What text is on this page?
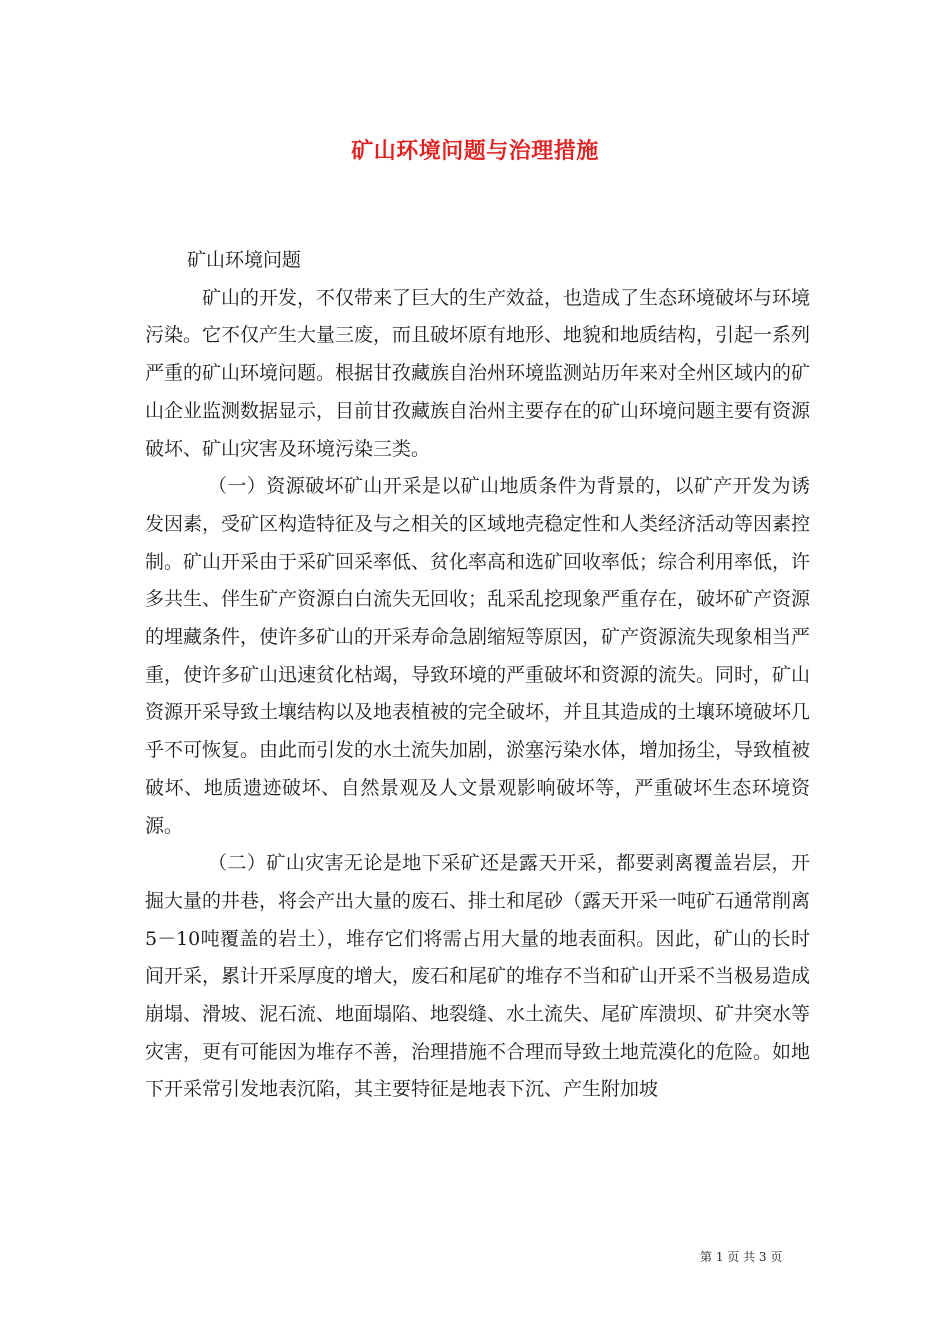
矿山环境问题与治理措施

矿山环境问题

矿山的开发，不仅带来了巨大的生产效益，也造成了生态环境破坏与环境污染。它不仅产生大量三废，而且破坏原有地形、地貌和地质结构，引起一系列严重的矿山环境问题。根据甘孜藏族自治州环境监测站历年来对全州区域内的矿山企业监测数据显示，目前甘孜藏族自治州主要存在的矿山环境问题主要有资源破坏、矿山灾害及环境污染三类。

（一）资源破坏矿山开采是以矿山地质条件为背景的，以矿产开发为诱发因素，受矿区构造特征及与之相关的区域地壳稳定性和人类经济活动等因素控制。矿山开采由于采矿回采率低、贫化率高和选矿回收率低；综合利用率低，许多共生、伴生矿产资源白白流失无回收；乱采乱挖现象严重存在，破坏矿产资源的埋藏条件，使许多矿山的开采寿命急剧缩短等原因，矿产资源流失现象相当严重，使许多矿山迅速贫化枯竭，导致环境的严重破坏和资源的流失。同时，矿山资源开采导致土壤结构以及地表植被的完全破坏，并且其造成的土壤环境破坏几乎不可恢复。由此而引发的水土流失加剧，淤塞污染水体，增加扬尘，导致植被破坏、地质遗迹破坏、自然景观及人文景观影响破坏等，严重破坏生态环境资源。

（二）矿山灾害无论是地下采矿还是露天开采，都要剥离覆盖岩层，开掘大量的井巷，将会产出大量的废石、排土和尾砂（露天开采一吨矿石通常削离5－10吨覆盖的岩土），堆存它们将需占用大量的地表面积。因此，矿山的长时间开采，累计开采厚度的增大，废石和尾矿的堆存不当和矿山开采不当极易造成崩塌、滑坡、泥石流、地面塌陷、地裂缝、水土流失、尾矿库溃坝、矿井突水等灾害，更有可能因为堆存不善，治理措施不合理而导致土地荒漠化的危险。如地下开采常引发地表沉陷，其主要特征是地表下沉、产生附加坡

第 1 页 共 3 页
